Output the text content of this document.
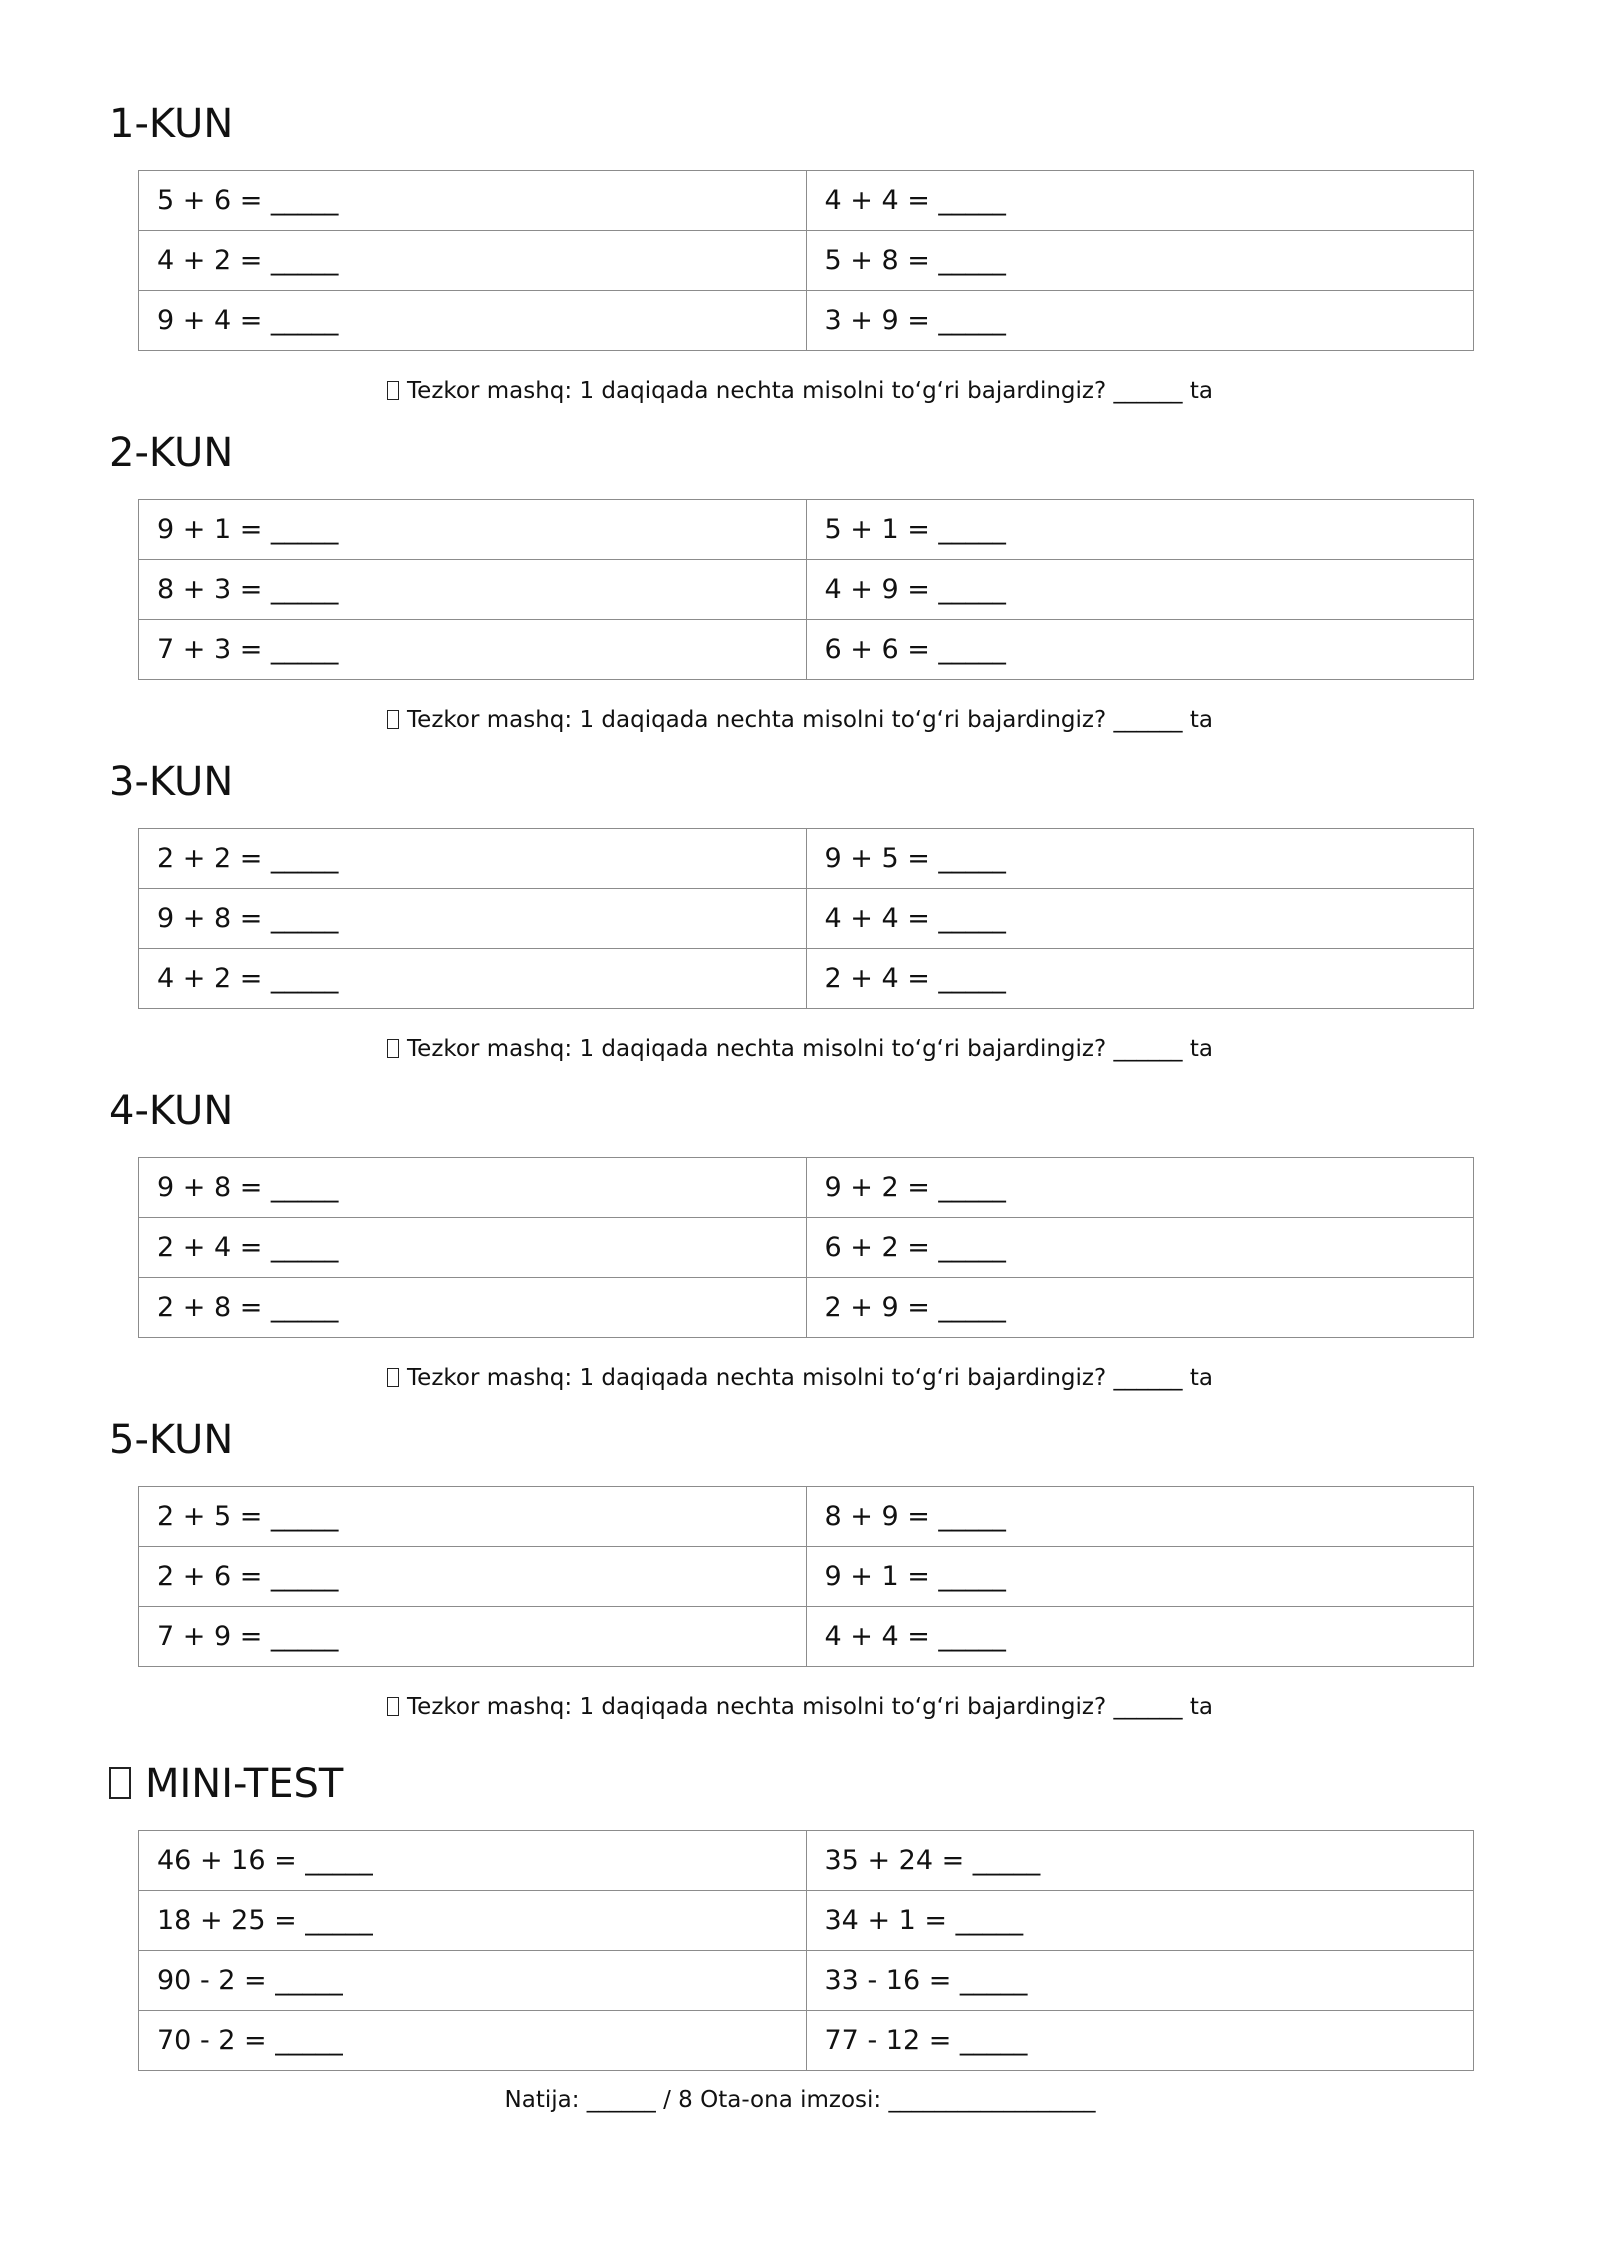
1-KUN
5 + 6 = _____	4 + 4 = _____
4 + 2 = _____	5 + 8 = _____
9 + 4 = _____	3 + 9 = _____
Tezkor mashq: 1 daqiqada nechta misolni to‘g‘ri bajardingiz? ______ ta
2-KUN
9 + 1 = _____	5 + 1 = _____
8 + 3 = _____	4 + 9 = _____
7 + 3 = _____	6 + 6 = _____
Tezkor mashq: 1 daqiqada nechta misolni to‘g‘ri bajardingiz? ______ ta
3-KUN
2 + 2 = _____	9 + 5 = _____
9 + 8 = _____	4 + 4 = _____
4 + 2 = _____	2 + 4 = _____
Tezkor mashq: 1 daqiqada nechta misolni to‘g‘ri bajardingiz? ______ ta
4-KUN
9 + 8 = _____	9 + 2 = _____
2 + 4 = _____	6 + 2 = _____
2 + 8 = _____	2 + 9 = _____
Tezkor mashq: 1 daqiqada nechta misolni to‘g‘ri bajardingiz? ______ ta
5-KUN
2 + 5 = _____	8 + 9 = _____
2 + 6 = _____	9 + 1 = _____
7 + 9 = _____	4 + 4 = _____
Tezkor mashq: 1 daqiqada nechta misolni to‘g‘ri bajardingiz? ______ ta
MINI-TEST
46 + 16 = _____	35 + 24 = _____
18 + 25 = _____	34 + 1 = _____
90 - 2 = _____	33 - 16 = _____
70 - 2 = _____	77 - 12 = _____
Natija: ______ / 8 Ota-ona imzosi: __________________
